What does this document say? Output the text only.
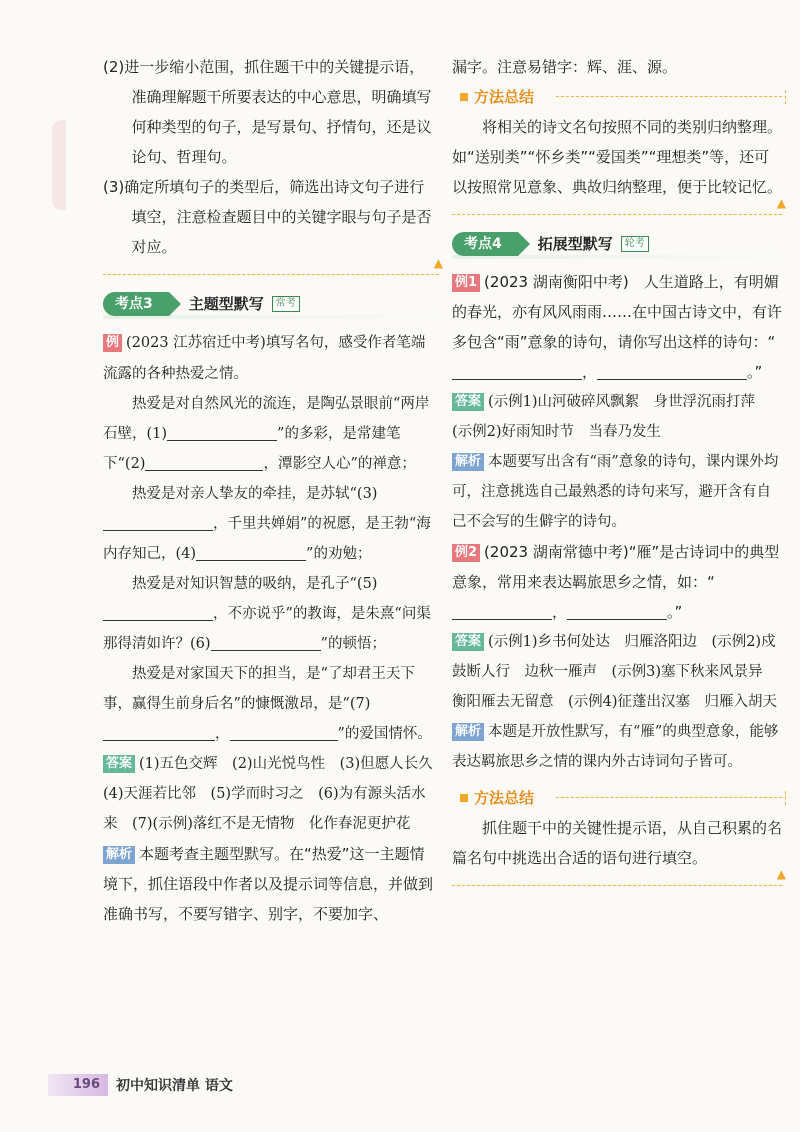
(2)进一步缩小范围，抓住题干中的关键提示语，准确理解题干所要表达的中心意思，明确填写何种类型的句子，是写景句、抒情句，还是议论句、哲理句。

(3)确定所填句子的类型后，筛选出诗文句子进行填空，注意检查题目中的关键字眼与句子是否对应。

▲
考点3	主题型默写	常考

例 (2023 江苏宿迁中考)填写名句，感受作者笔端流露的各种热爱之情。

热爱是对自然风光的流连，是陶弘景眼前“两岸石壁，(1)	”的多彩，是常建笔下“(2)	，潭影空人心”的禅意；

热爱是对亲人挚友的牵挂，是苏轼“(3)，千里共婵娟”的祝愿，是王勃“海内存知己，(4)	”的劝勉；

热爱是对知识智慧的吸纳，是孔子“(5)，不亦说乎”的教诲，是朱熹“问渠那得清如许？(6)	”的顿悟；

热爱是对家国天下的担当，是“了却君王天下事，赢得生前身后名”的慷慨激昂，是“(7)，	”的爱国情怀。

答案 (1)五色交辉　(2)山光悦鸟性　(3)但愿人长久　(4)天涯若比邻　(5)学而时习之　(6)为有源头活水来　(7)(示例)落红不是无情物　化作春泥更护花

解析 本题考查主题型默写。在“热爱”这一主题情境下，抓住语段中作者以及提示词等信息，并做到准确书写，不要写错字、别字，不要加字、

漏字。注意易错字：辉、涯、源。

方法总结

将相关的诗文名句按照不同的类别归纳整理。如“送别类”“怀乡类”“爱国类”“理想类”等，还可以按照常见意象、典故归纳整理，便于比较记忆。

▲
考点4	拓展型默写	轮考

例1 (2023 湖南衡阳中考)　人生道路上，有明媚的春光，亦有风风雨雨……在中国古诗文中，有许多包含“雨”意象的诗句，请你写出这样的诗句：“，	。”

答案 (示例1)山河破碎风飘絮　身世浮沉雨打萍　(示例2)好雨知时节　当春乃发生

解析 本题要写出含有“雨”意象的诗句，课内课外均可，注意挑选自己最熟悉的诗句来写，避开含有自己不会写的生僻字的诗句。

例2 (2023 湖南常德中考)“雁”是古诗词中的典型意象，常用来表达羁旅思乡之情，如：“，	。”

答案 (示例1)乡书何处达　归雁洛阳边　(示例2)戍鼓断人行　边秋一雁声　(示例3)塞下秋来风景异　衡阳雁去无留意　(示例4)征蓬出汉塞　归雁入胡天

解析 本题是开放性默写，有“雁”的典型意象，能够表达羁旅思乡之情的课内外古诗词句子皆可。

方法总结

抓住题干中的关键性提示语，从自己积累的名篇名句中挑选出合适的语句进行填空。

▲
196 初中知识清单 语文
